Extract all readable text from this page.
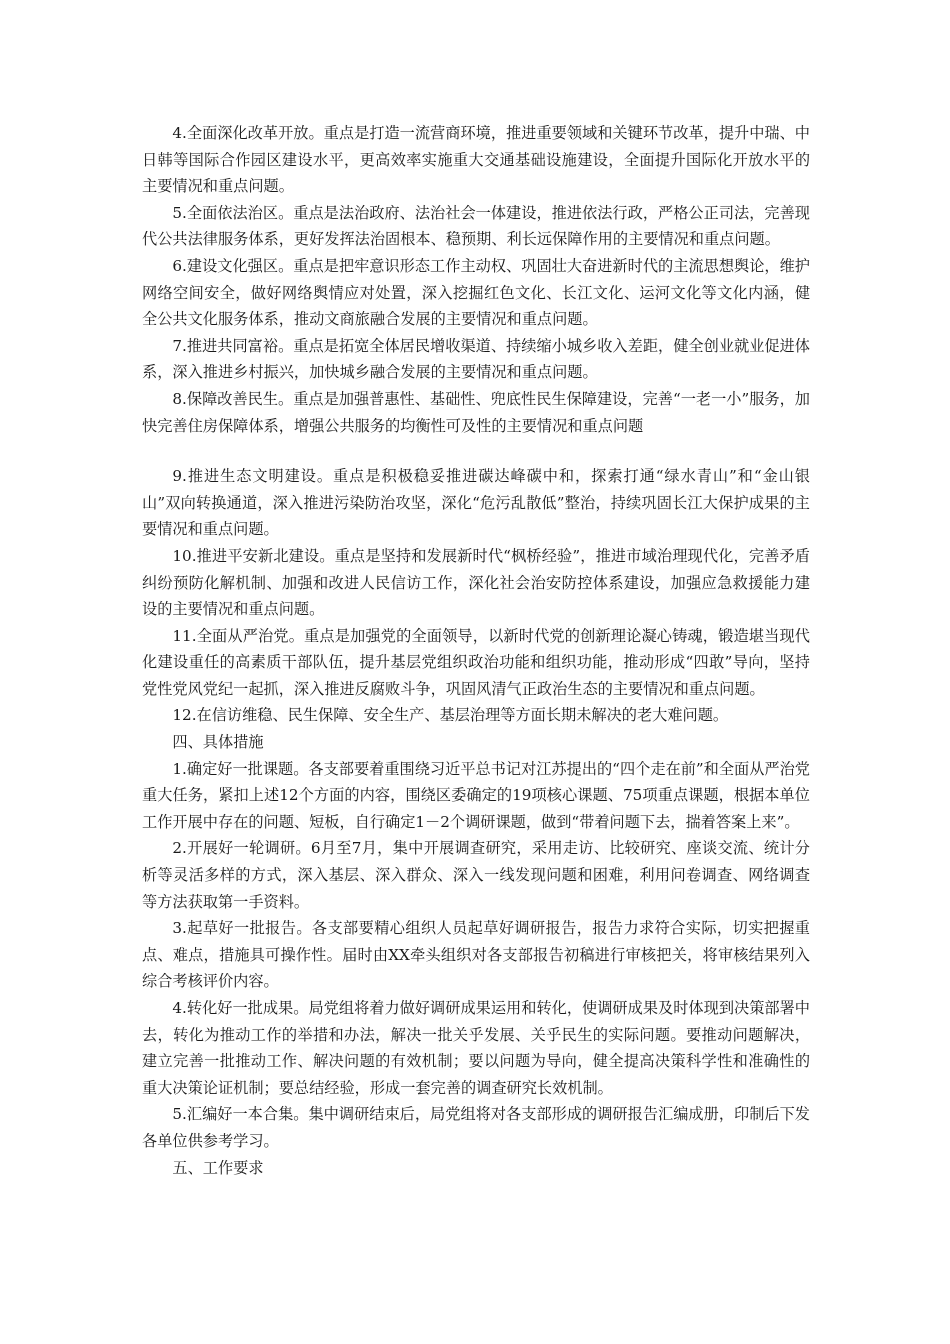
4.全面深化改革开放。重点是打造一流营商环境，推进重要领域和关键环节改革，提升中瑞、中日韩等国际合作园区建设水平，更高效率实施重大交通基础设施建设，全面提升国际化开放水平的主要情况和重点问题。

5.全面依法治区。重点是法治政府、法治社会一体建设，推进依法行政，严格公正司法，完善现代公共法律服务体系，更好发挥法治固根本、稳预期、利长远保障作用的主要情况和重点问题。

6.建设文化强区。重点是把牢意识形态工作主动权、巩固壮大奋进新时代的主流思想舆论，维护网络空间安全，做好网络舆情应对处置，深入挖掘红色文化、长江文化、运河文化等文化内涵，健全公共文化服务体系，推动文商旅融合发展的主要情况和重点问题。

7.推进共同富裕。重点是拓宽全体居民增收渠道、持续缩小城乡收入差距，健全创业就业促进体系，深入推进乡村振兴，加快城乡融合发展的主要情况和重点问题。

8.保障改善民生。重点是加强普惠性、基础性、兜底性民生保障建设，完善“一老一小”服务，加快完善住房保障体系，增强公共服务的均衡性可及性的主要情况和重点问题

9.推进生态文明建设。重点是积极稳妥推进碳达峰碳中和，探索打通“绿水青山”和“金山银山”双向转换通道，深入推进污染防治攻坚，深化“危污乱散低”整治，持续巩固长江大保护成果的主要情况和重点问题。

10.推进平安新北建设。重点是坚持和发展新时代“枫桥经验”，推进市域治理现代化，完善矛盾纠纷预防化解机制、加强和改进人民信访工作，深化社会治安防控体系建设，加强应急救援能力建设的主要情况和重点问题。

11.全面从严治党。重点是加强党的全面领导，以新时代党的创新理论凝心铸魂，锻造堪当现代化建设重任的高素质干部队伍，提升基层党组织政治功能和组织功能，推动形成“四敢”导向，坚持党性党风党纪一起抓，深入推进反腐败斗争，巩固风清气正政治生态的主要情况和重点问题。

12.在信访维稳、民生保障、安全生产、基层治理等方面长期未解决的老大难问题。

四、具体措施

1.确定好一批课题。各支部要着重围绕习近平总书记对江苏提出的“四个走在前”和全面从严治党重大任务，紧扣上述12个方面的内容，围绕区委确定的19项核心课题、75项重点课题，根据本单位工作开展中存在的问题、短板，自行确定1－2个调研课题，做到“带着问题下去，揣着答案上来”。

2.开展好一轮调研。6月至7月，集中开展调查研究，采用走访、比较研究、座谈交流、统计分析等灵活多样的方式，深入基层、深入群众、深入一线发现问题和困难，利用问卷调查、网络调查等方法获取第一手资料。

3.起草好一批报告。各支部要精心组织人员起草好调研报告，报告力求符合实际，切实把握重点、难点，措施具可操作性。届时由XX牵头组织对各支部报告初稿进行审核把关，将审核结果列入综合考核评价内容。

4.转化好一批成果。局党组将着力做好调研成果运用和转化，使调研成果及时体现到决策部署中去，转化为推动工作的举措和办法，解决一批关乎发展、关乎民生的实际问题。要推动问题解决，建立完善一批推动工作、解决问题的有效机制；要以问题为导向，健全提高决策科学性和准确性的重大决策论证机制；要总结经验，形成一套完善的调查研究长效机制。

5.汇编好一本合集。集中调研结束后，局党组将对各支部形成的调研报告汇编成册，印制后下发各单位供参考学习。

五、工作要求
